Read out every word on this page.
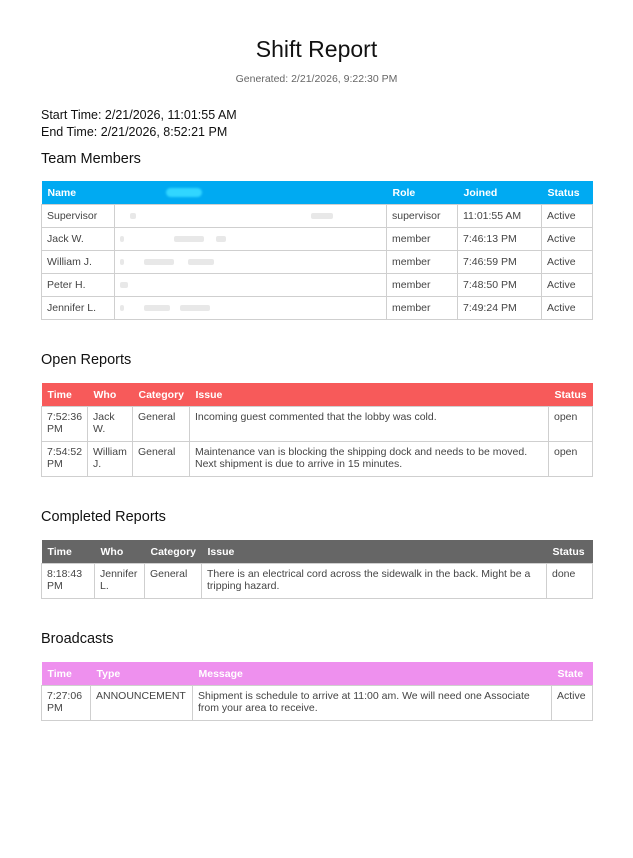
Shift Report
Generated: 2/21/2026, 9:22:30 PM
Start Time: 2/21/2026, 11:01:55 AM
End Time: 2/21/2026, 8:52:21 PM
Team Members
Name		Role	Joined	Status
Supervisor		supervisor	11:01:55 AM	Active
Jack W.		member	7:46:13 PM	Active
William J.		member	7:46:59 PM	Active
Peter H.		member	7:48:50 PM	Active
Jennifer L.		member	7:49:24 PM	Active
Open Reports
Time	Who	Category	Issue	Status
7:52:36 PM	Jack W.	General	Incoming guest commented that the lobby was cold.	open
7:54:52 PM	William J.	General	Maintenance van is blocking the shipping dock and needs to be moved. Next shipment is due to arrive in 15 minutes.	open
Completed Reports
Time	Who	Category	Issue	Status
8:18:43 PM	Jennifer L.	General	There is an electrical cord across the sidewalk in the back. Might be a tripping hazard.	done
Broadcasts
Time	Type	Message	State
7:27:06 PM	ANNOUNCEMENT	Shipment is schedule to arrive at 11:00 am. We will need one Associate from your area to receive.	Active
